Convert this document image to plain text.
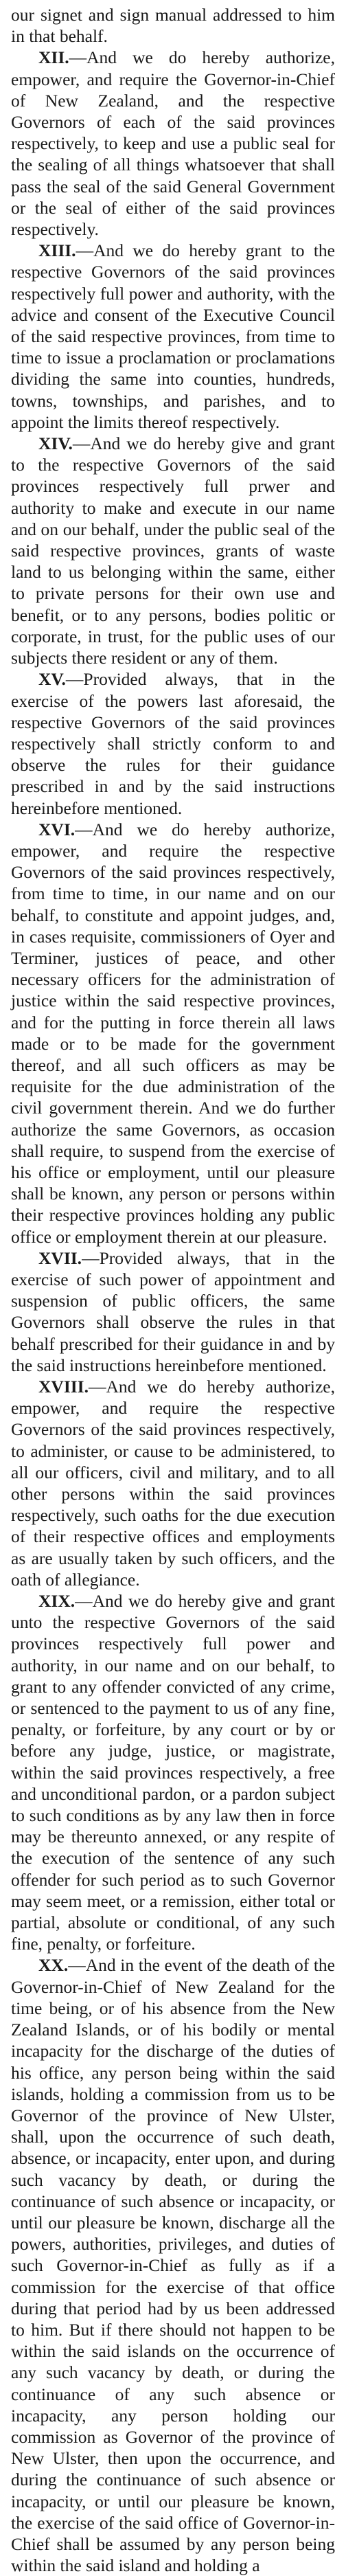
our signet and sign manual addressed to him in that behalf.

XII.—And we do hereby authorize, empower, and require the Governor-in-Chief of New Zealand, and the respective Governors of each of the said provinces respectively, to keep and use a public seal for the sealing of all things whatsoever that shall pass the seal of the said General Government or the seal of either of the said provinces respectively.

XIII.—And we do hereby grant to the respective Governors of the said provinces respectively full power and authority, with the advice and consent of the Executive Council of the said respective provinces, from time to time to issue a proclamation or proclamations dividing the same into counties, hundreds, towns, townships, and parishes, and to appoint the limits thereof respectively.

XIV.—And we do hereby give and grant to the respective Governors of the said provinces respectively full prwer and authority to make and execute in our name and on our behalf, under the public seal of the said respective provinces, grants of waste land to us belonging within the same, either to private persons for their own use and benefit, or to any persons, bodies politic or corporate, in trust, for the public uses of our subjects there resident or any of them.

XV.—Provided always, that in the exercise of the powers last aforesaid, the respective Governors of the said provinces respectively shall strictly conform to and observe the rules for their guidance prescribed in and by the said instructions hereinbefore mentioned.

XVI.—And we do hereby authorize, empower, and require the respective Governors of the said provinces respectively, from time to time, in our name and on our behalf, to constitute and appoint judges, and, in cases requisite, commissioners of Oyer and Terminer, justices of peace, and other necessary officers for the administration of justice within the said respective provinces, and for the putting in force therein all laws made or to be made for the government thereof, and all such officers as may be requisite for the due administration of the civil government therein. And we do further authorize the same Governors, as occasion shall require, to suspend from the exercise of his office or employment, until our pleasure shall be known, any person or persons within their respective provinces holding any public office or employment therein at our pleasure.

XVII.—Provided always, that in the exercise of such power of appointment and suspension of public officers, the same Governors shall observe the rules in that behalf prescribed for their guidance in and by the said instructions hereinbefore mentioned.

XVIII.—And we do hereby authorize, empower, and require the respective Governors of the said provinces respectively, to administer, or cause to be administered, to all our officers, civil and military, and to all other persons within the said provinces respectively, such oaths for the due execution of their respective offices and employments as are usually taken by such officers, and the oath of allegiance.

XIX.—And we do hereby give and grant unto the respective Governors of the said provinces respectively full power and authority, in our name and on our behalf, to grant to any offender convicted of any crime, or sentenced to the payment to us of any fine, penalty, or forfeiture, by any court or by or before any judge, justice, or magistrate, within the said provinces respectively, a free and unconditional pardon, or a pardon subject to such conditions as by any law then in force may be thereunto annexed, or any respite of the execution of the sentence of any such offender for such period as to such Governor may seem meet, or a remission, either total or partial, absolute or conditional, of any such fine, penalty, or forfeiture.

XX.—And in the event of the death of the Governor-in-Chief of New Zealand for the time being, or of his absence from the New Zealand Islands, or of his bodily or mental incapacity for the discharge of the duties of his office, any person being within the said islands, holding a commission from us to be Governor of the province of New Ulster, shall, upon the occurrence of such death, absence, or incapacity, enter upon, and during such vacancy by death, or during the continuance of such absence or incapacity, or until our pleasure be known, discharge all the powers, authorities, privileges, and duties of such Governor-in-Chief as fully as if a commission for the exercise of that office during that period had by us been addressed to him. But if there should not happen to be within the said islands on the occurrence of any such vacancy by death, or during the continuance of any such absence or incapacity, any person holding our commission as Governor of the province of New Ulster, then upon the occurrence, and during the continuance of such absence or incapacity, or until our pleasure be known, the exercise of the said office of Governor-in-Chief shall be assumed by any person being within the said island and holding a
